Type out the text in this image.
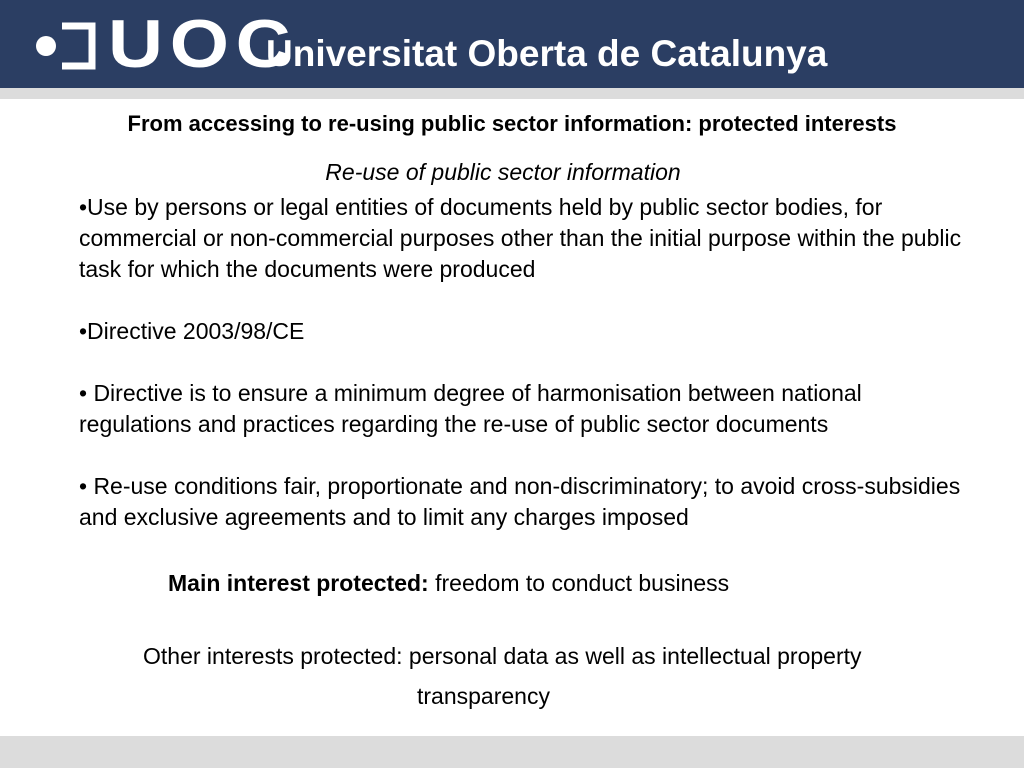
UOC
Universitat Oberta de Catalunya
From accessing to re-using public sector information: protected interests
Re-use of public sector information

•Use by persons or legal entities of documents held by public sector bodies, for commercial or non-commercial purposes other than the initial purpose within the public task for which the documents were produced

•Directive 2003/98/CE

• Directive is to ensure a minimum degree of harmonisation between national regulations and practices regarding the re-use of public sector documents

• Re-use conditions fair, proportionate and non-discriminatory; to avoid cross-subsidies and exclusive agreements and to limit any charges imposed

Main interest protected: freedom to conduct business
Other interests protected: personal data as well as intellectual property
transparency
